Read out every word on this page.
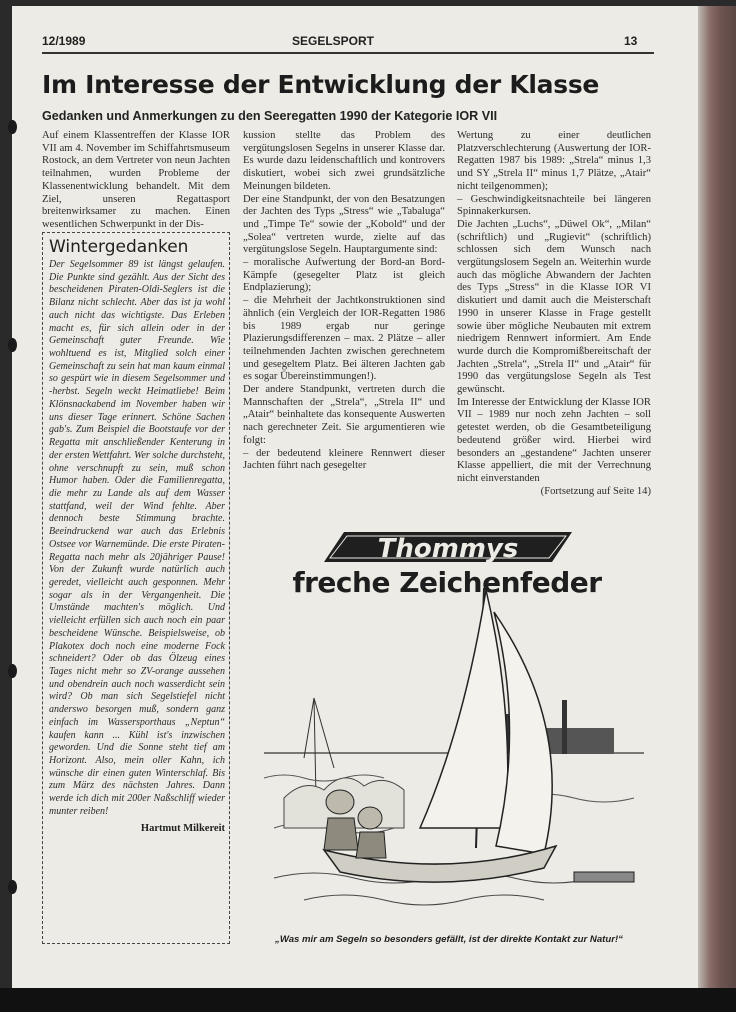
12/1989	SEGELSPORT	13
Im Interesse der Entwicklung der Klasse
Gedanken und Anmerkungen zu den Seeregatten 1990 der Kategorie IOR VII

Auf einem Klassentreffen der Klasse IOR VII am 4. November im Schiffahrtsmuseum Rostock, an dem Vertreter von neun Jachten teilnahmen, wurden Probleme der Klassenentwicklung behandelt. Mit dem Ziel, unseren Regattasport breitenwirksamer zu machen. Einen wesentlichen Schwerpunkt in der Dis-

Wintergedanken

Der Segelsommer 89 ist längst gelaufen. Die Punkte sind gezählt. Aus der Sicht des bescheidenen Piraten-Oldi-Seglers ist die Bilanz nicht schlecht. Aber das ist ja wohl auch nicht das wichtigste. Das Erleben macht es, für sich allein oder in der Gemeinschaft guter Freunde. Wie wohltuend es ist, Mitglied solch einer Gemeinschaft zu sein hat man kaum einmal so gespürt wie in diesem Segelsommer und -herbst. Segeln weckt Heimatliebe! Beim Klönsnackabend im November haben wir uns dieser Tage erinnert. Schöne Sachen gab's. Zum Beispiel die Bootstaufe vor der Regatta mit anschließender Kenterung in der ersten Wettfahrt. Wer solche durchsteht, ohne verschnupft zu sein, muß schon Humor haben. Oder die Familienregatta, die mehr zu Lande als auf dem Wasser stattfand, weil der Wind fehlte. Aber dennoch beste Stimmung brachte. Beeindruckend war auch das Erlebnis Ostsee vor Warnemünde. Die erste Piraten-Regatta nach mehr als 20jähriger Pause! Von der Zukunft wurde natürlich auch geredet, vielleicht auch gesponnen. Mehr sogar als in der Vergangenheit. Die Umstände machten's möglich. Und vielleicht erfüllen sich auch noch ein paar bescheidene Wünsche. Beispielsweise, ob Plakotex doch noch eine moderne Fock schneidert? Oder ob das Ölzeug eines Tages nicht mehr so ZV-orange aussehen und obendrein auch noch wasserdicht sein wird? Ob man sich Segelstiefel nicht anderswo besorgen muß, sondern ganz einfach im Wassersporthaus „Neptun“ kaufen kann ... Kühl ist's inzwischen geworden. Und die Sonne steht tief am Horizont. Also, mein oller Kahn, ich wünsche dir einen guten Winterschlaf. Bis zum März des nächsten Jahres. Dann werde ich dich mit 200er Naßschliff wieder munter reiben!

Hartmut Milkereit

kussion stellte das Problem des vergütungslosen Segelns in unserer Klasse dar. Es wurde dazu leidenschaftlich und kontrovers diskutiert, wobei sich zwei grundsätzliche Meinungen bildeten.

Der eine Standpunkt, der von den Besatzungen der Jachten des Typs „Stress“ wie „Tabaluga“ und „Timpe Te“ sowie der „Kobold“ und der „Solea“ vertreten wurde, zielte auf das vergütungslose Segeln. Hauptargumente sind:

– moralische Aufwertung der Bord-an Bord-Kämpfe (gesegelter Platz ist gleich Endplazierung);

– die Mehrheit der Jachtkonstruktionen sind ähnlich (ein Vergleich der IOR-Regatten 1986 bis 1989 ergab nur geringe Plazierungsdifferenzen – max. 2 Plätze – aller teilnehmenden Jachten zwischen gerechnetem und gesegeltem Platz. Bei älteren Jachten gab es sogar Übereinstimmungen!).

Der andere Standpunkt, vertreten durch die Mannschaften der „Strela“, „Strela II“ und „Atair“ beinhaltete das konsequente Auswerten nach gerechneter Zeit. Sie argumentieren wie folgt:

– der bedeutend kleinere Rennwert dieser Jachten führt nach gesegelter

Wertung zu einer deutlichen Platzverschlechterung (Auswertung der IOR-Regatten 1987 bis 1989: „Strela“ minus 1,3 und SY „Strela II“ minus 1,7 Plätze, „Atair“ nicht teilgenommen);

– Geschwindigkeitsnachteile bei längeren Spinnakerkursen.

Die Jachten „Luchs“, „Düwel Ok“, „Milan“ (schriftlich) und „Rugievit“ (schriftlich) schlossen sich dem Wunsch nach vergütungslosem Segeln an. Weiterhin wurde auch das mögliche Abwandern der Jachten des Typs „Stress“ in die Klasse IOR VI diskutiert und damit auch die Meisterschaft 1990 in unserer Klasse in Frage gestellt sowie über mögliche Neubauten mit extrem niedrigem Rennwert informiert. Am Ende wurde durch die Kompromißbereitschaft der Jachten „Strela“, „Strela II“ und „Atair“ für 1990 das vergütungslose Segeln als Test gewünscht.

Im Interesse der Entwicklung der Klasse IOR VII – 1989 nur noch zehn Jachten – soll getestet werden, ob die Gesamtbeteiligung bedeutend größer wird. Hierbei wird besonders an „gestandene“ Jachten unserer Klasse appelliert, die mit der Verrechnung nicht einverstanden

(Fortsetzung auf Seite 14)
Thommys

freche Zeichenfeder

„Was mir am Segeln so besonders gefällt, ist der direkte Kontakt zur Natur!“
